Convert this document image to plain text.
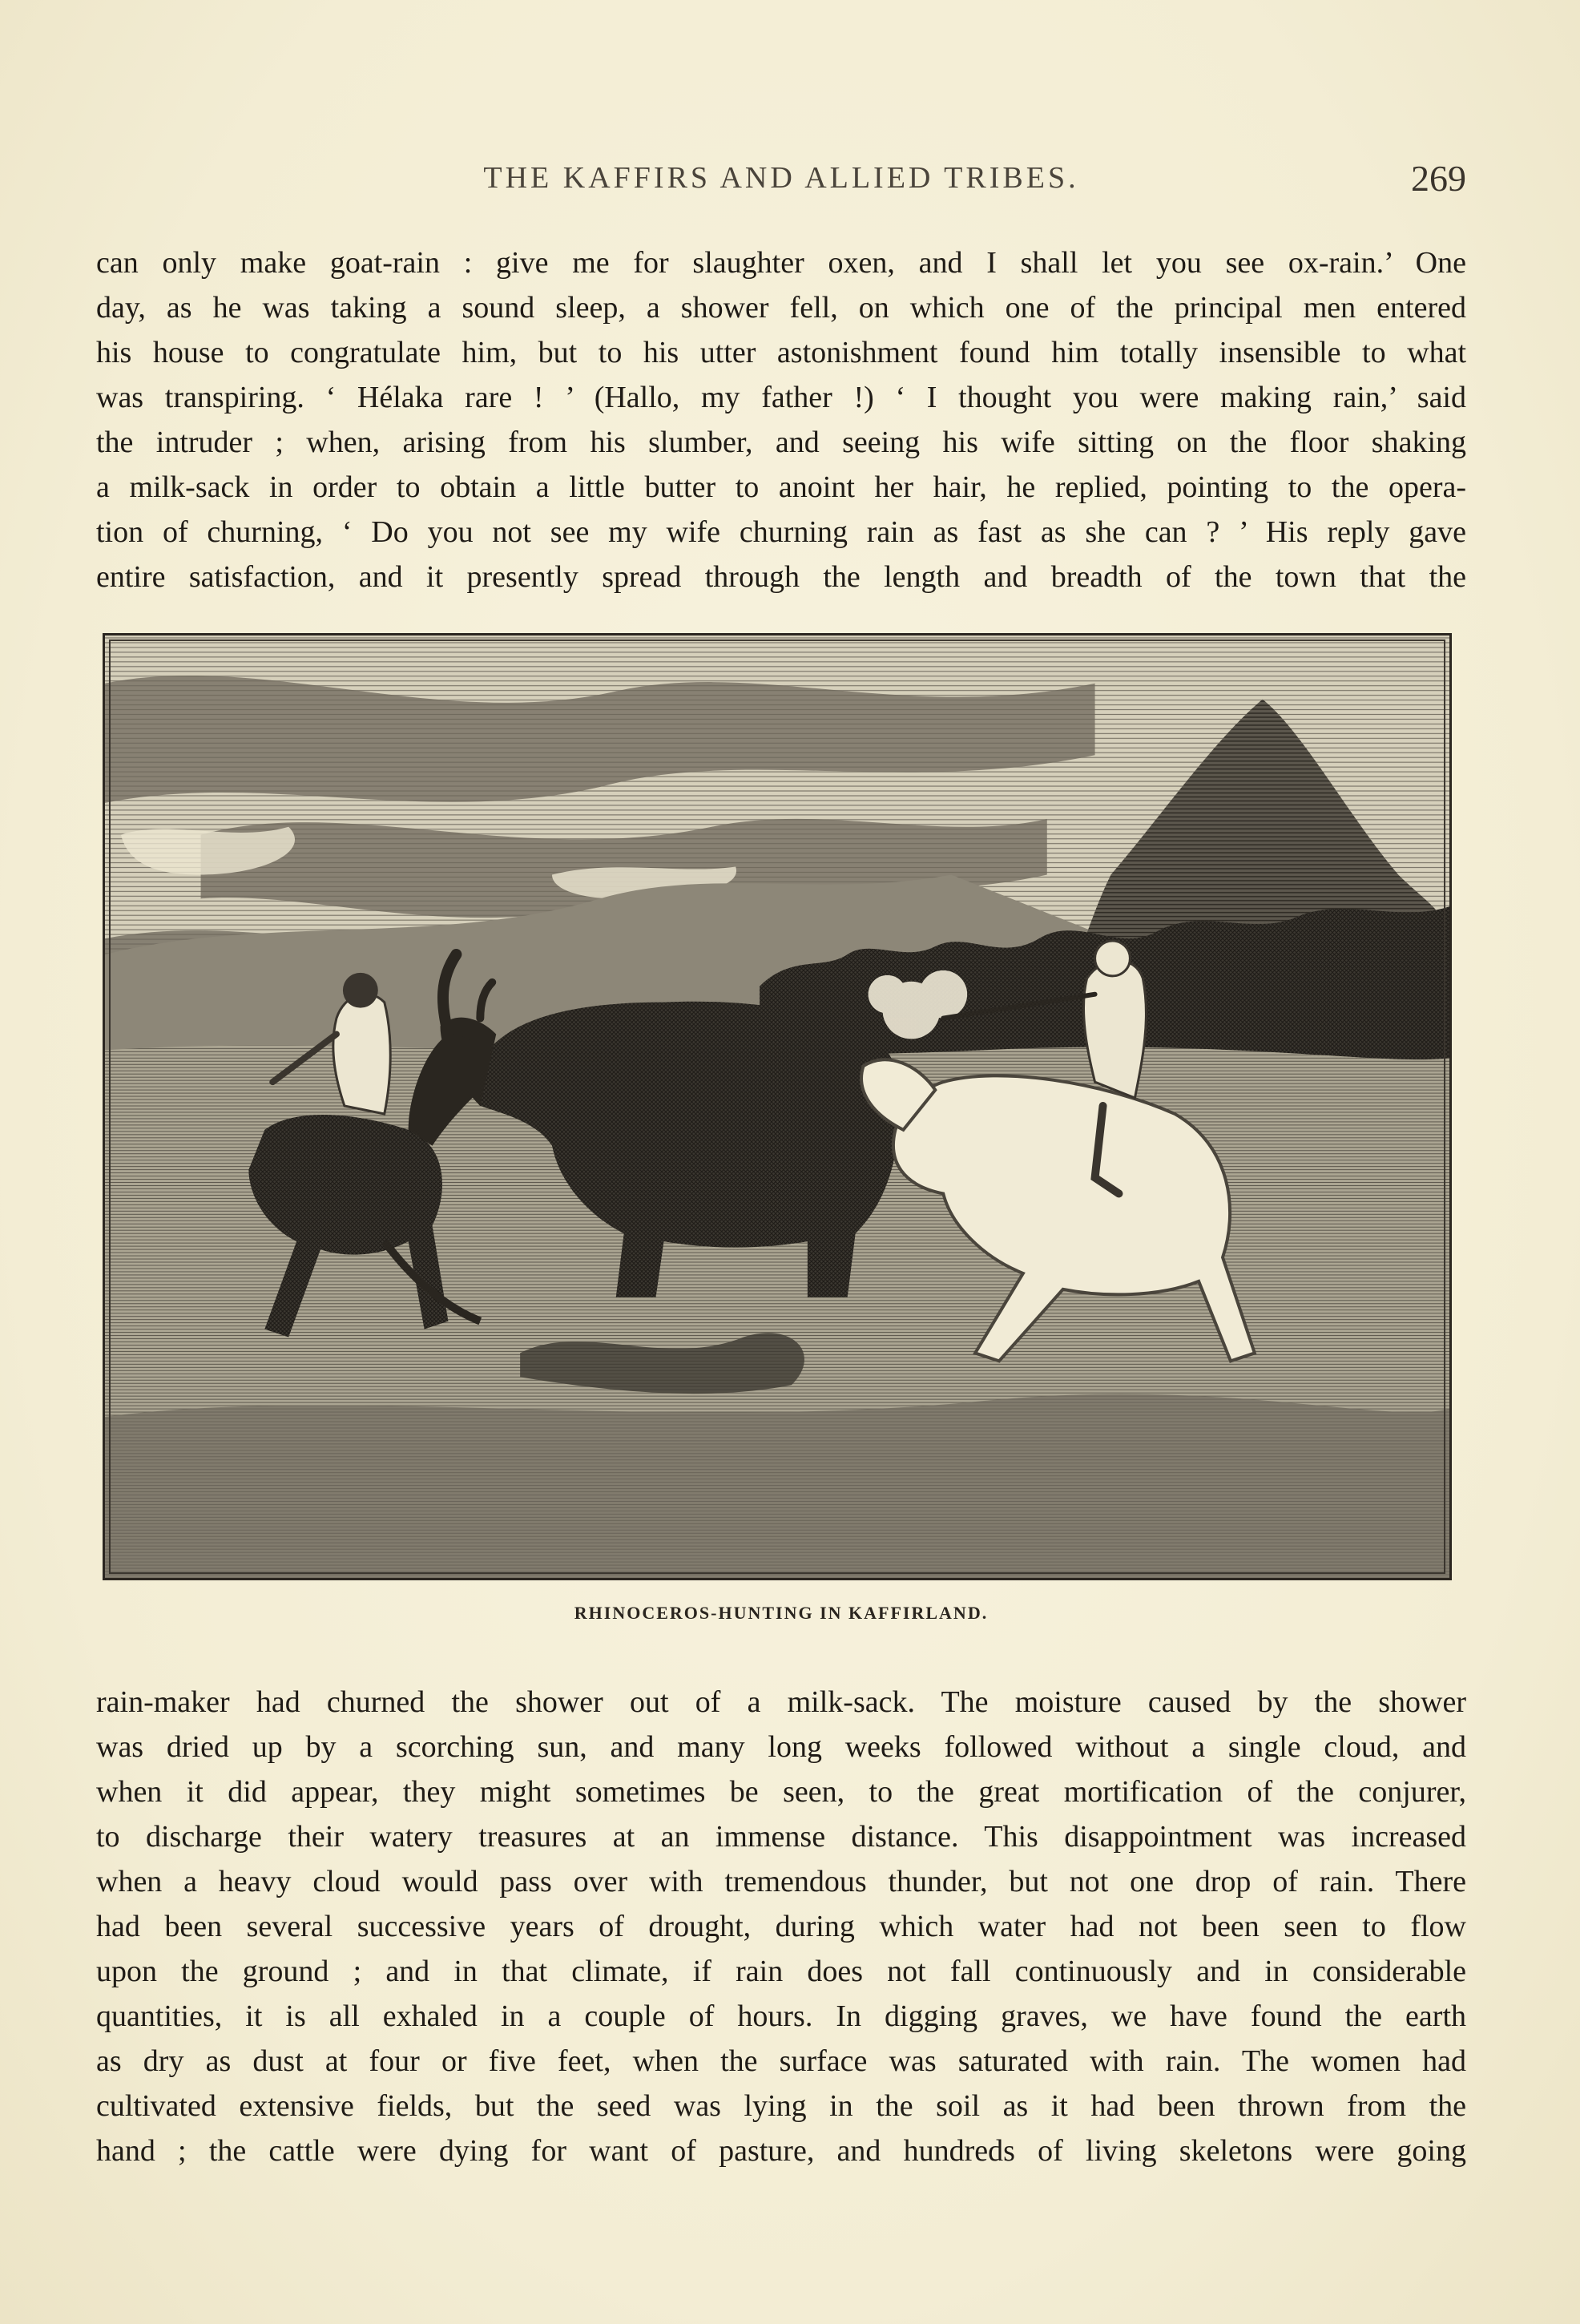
THE KAFFIRS AND ALLIED TRIBES.	269
can only make goat-rain : give me for slaughter oxen, and I shall let you see ox-rain.’ One
day, as he was taking a sound sleep, a shower fell, on which one of the principal men entered
his house to congratulate him, but to his utter astonishment found him totally insensible to what
was transpiring. ‘ Hélaka rare ! ’ (Hallo, my father !) ‘ I thought you were making rain,’ said
the intruder ; when, arising from his slumber, and seeing his wife sitting on the floor shaking
a milk-sack in order to obtain a little butter to anoint her hair, he replied, pointing to the opera-
tion of churning, ‘ Do you not see my wife churning rain as fast as she can ? ’ His reply gave
entire satisfaction, and it presently spread through the length and breadth of the town that the
RHINOCEROS-HUNTING IN KAFFIRLAND.
rain-maker had churned the shower out of a milk-sack. The moisture caused by the shower
was dried up by a scorching sun, and many long weeks followed without a single cloud, and
when it did appear, they might sometimes be seen, to the great mortification of the conjurer,
to discharge their watery treasures at an immense distance. This disappointment was increased
when a heavy cloud would pass over with tremendous thunder, but not one drop of rain. There
had been several successive years of drought, during which water had not been seen to flow
upon the ground ; and in that climate, if rain does not fall continuously and in considerable
quantities, it is all exhaled in a couple of hours. In digging graves, we have found the earth
as dry as dust at four or five feet, when the surface was saturated with rain. The women had
cultivated extensive fields, but the seed was lying in the soil as it had been thrown from the
hand ; the cattle were dying for want of pasture, and hundreds of living skeletons were going
